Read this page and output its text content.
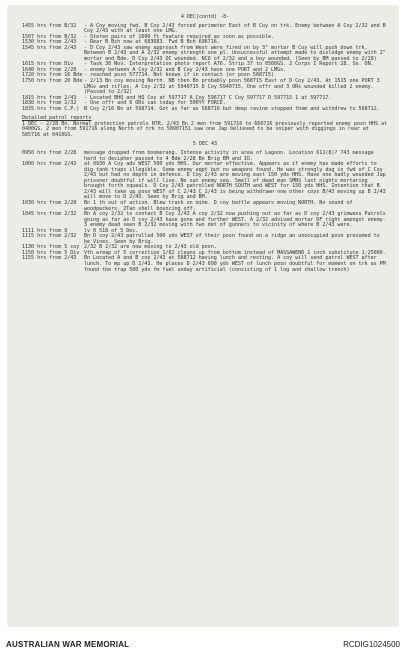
4 DEC(contd) -8-
1455 hrs from B/32	- A Coy moving fwd. B Coy 2/43 forced perimeter East of B Coy on trk. Enemy between A Coy 2/32 and B Coy 2/43 with at least one LMG.
1507 hrs from B/32	- Stereo pairs of 1600 ft feature required as soon as possible.
1530 hrs from 2/43	- Rear B Bch now at 683683. Fwd B Bch 696716.
1545 hrs from 2/43	- D Coy 2/43 saw enemy approach from West were fired on by 3" mortar B Coy will push down trk. Between B 2/43 and A 2/32 enemy strength one pl. Unsuccessful attempt made to dislodge enemy with 2" mortar and Bde. D Coy 2/43 OC wounded. NCO of 2/32 and a boy wounded. (Seen by BM passed to 2/28)
1615 hrs from Div	- Task 30 Nov. Interpretation photo report A76. Strip 37 to 0500GS. 2 Corps I Report 28. So. ON.
1640 hrs from 2/28	- enemy between A Coy 2/32 and B Coy 2/43 have one PORT and 2 LMGs.
1720 hrs from 16 Bde - reached posn 577714. Not known if in contact (or posn 568715)
1750 hrs from 20 Bde - 2/13 Bn coy moving North. NB then Bn probably posn 568715 East of D Coy 2/43. At 1515 one PORT 3 LMGs and rifles. A Coy 2/32 at 5940715 D Coy 5940715. One offr and 3 ORs wounded killed 2 enemy. (Passed to 2/32)
1815 hrs from 2/43	- Located BHQ and HQ Coy at 597717 A Coy 596717 C Coy 597717 D 597715 1 at 597717.
1830 hrs from 2/32	- One offr and 6 ORs can today for 500YY FORCE.
1835 hrs from C.P.) B Coy 2/16 Bn at 598714. Got as far as 568716 but deep ravine stopped them and withdrew to 568712.
Detailed patrol reports

1 DEC - 2/28 Bn. Normal protection patrols NTR. 2/43 Bn 2 men from 591716 to 660716 previously reported enemy posn HHS at 0400GS. 2 men from 591716 along North of trk to 58907151 saw one Jap believed to be sniper with diggings in rear at 585716 at 0410GS.

5 DEC 43
0950 hrs from 2/28	message dropped from boomerang. Intense activity in area of Lagoon. Location 611(8)? 743 message hard to decipher passed to 4 Bde 2/28 Bn Brig BM and IO.
1000 hrs from 2/43	at 0930 A Coy adv WEST 500 yds HHS. Our mortar effective. Appears as if enemy has made efforts to dig tank traps illegible. Some enemy eqpt but no weapons found. He was strongly dug in fwd of C Coy 2/43 but had no depth in defence. D Coy 2/43 are moving east 150 yds HHS. Have one badly wounded Jap prisoner doubtful if will live. No sat enemy sea. Smell of dead man SMNS last nights mortaring brought forth squeals. D Coy 2/43 patrolled NORTH SOUTH and WEST for 150 yds HHS. Intention that B 2/43 will take up posn WEST of C 2/43 C 2/43 is being withdrawn now other coys B/43 moving up B 2/43 will move to D 2/43. Seen by Brig and BM.
1030 hrs from 2/28	Bn 1 th out of action. Blew track on mine. D coy battle appears moving NORTH. No sound of woodpeckers. 2Tan shell bouncing off.
1045 hrs from 2/32	Bn A coy 2/32 to contact B Coy 2/43 A coy 2/32 now pushing out as far as D coy 2/43 grimwans Patrols going as far as D coy 2/43 have gone and further WEST. A 2/32 advised mortar DF right amongst enemy. 3 enemy dead seen B 2/32 moving with two det of gunners to vicinity of where B 2/43 were.
1111 hrs from 9	lv 0 518 of 5 Dec.
1115 hrs from 2/32	Bn D coy 2/43 patrolled 500 yds WEST of their posn found on a ridge an unoccupied posn presumed to be Vines. Seen by Brig.
1130 hrs from 5 coy 2/32 B 2/32 are now moving to 2/43 old posn.
1150 hrs from 5 Div Vth wreap of 5 correction 1/82 cleans up from bottom instead of MASSAWEND 1 inch substitute 1:25000.
1155 hrs from 2/43	Bn Located A and B coy 2/43 at 588712 having lunch and resting. A coy will send patrol WEST after lunch. To mp up D 2/43. He places D 2/43 600 yds WEST of lunch posn doubtful for moment on trk as PM found the trap 500 yds fm fuel unday artificial (consisting of 1 log and shallow trench)
AUSTRALIAN WAR MEMORIAL	RCDIG1024500
